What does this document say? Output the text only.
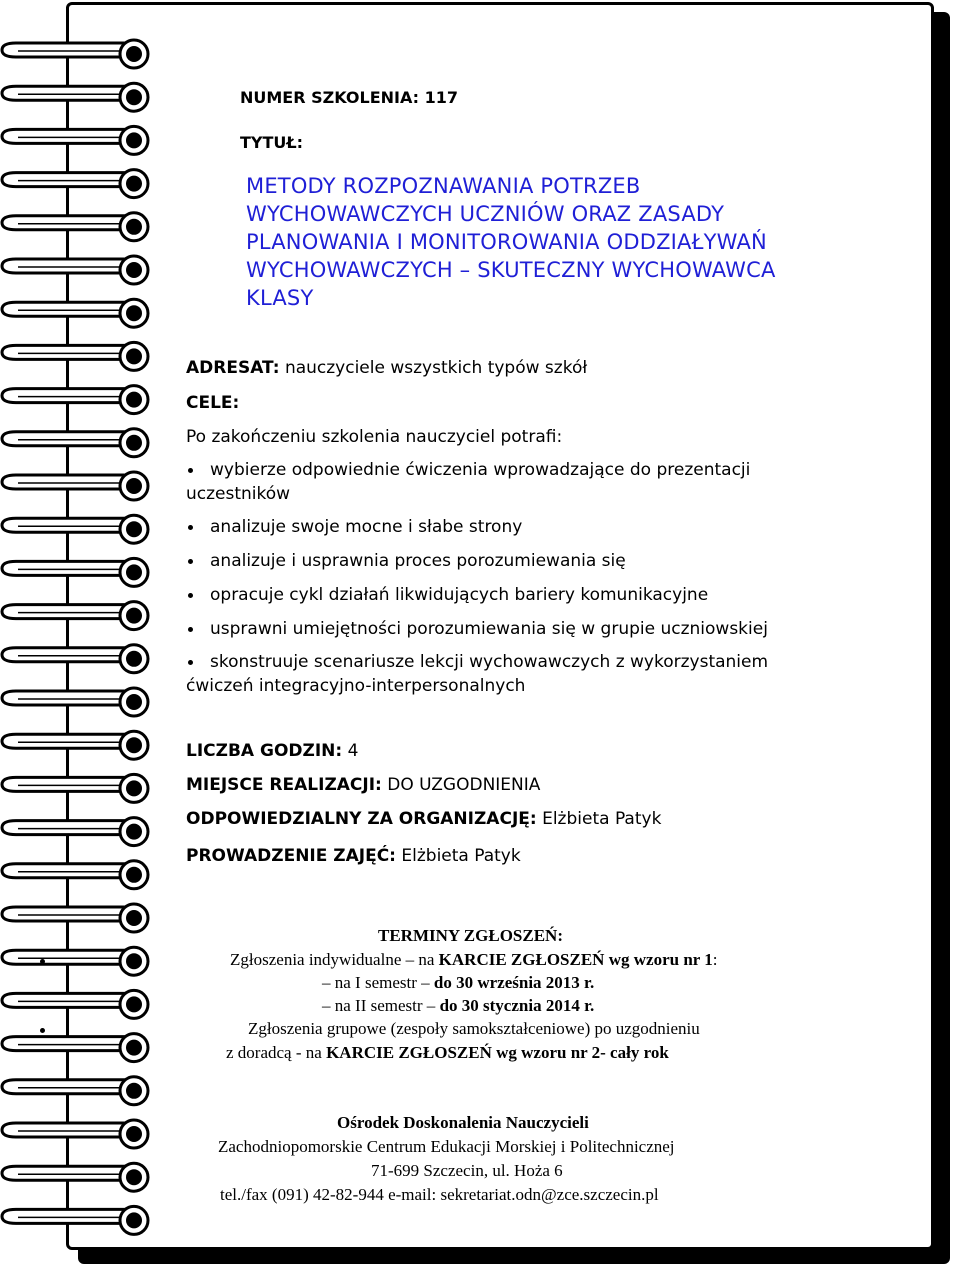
NUMER SZKOLENIA: 117
TYTUŁ:
METODY ROZPOZNAWANIA POTRZEB
WYCHOWAWCZYCH UCZNIÓW ORAZ ZASADY
PLANOWANIA I MONITOROWANIA ODDZIAŁYWAŃ
WYCHOWAWCZYCH – SKUTECZNY WYCHOWAWCA
KLASY
ADRESAT: nauczyciele wszystkich typów szkół
CELE:
Po zakończeniu szkolenia nauczyciel potrafi:
wybierze odpowiednie ćwiczenia wprowadzające do prezentacji
uczestników
analizuje swoje mocne i słabe strony
analizuje i usprawnia proces porozumiewania się
opracuje cykl działań likwidujących bariery komunikacyjne
usprawni umiejętności porozumiewania się w grupie uczniowskiej
skonstruuje scenariusze lekcji wychowawczych z wykorzystaniem
ćwiczeń integracyjno-interpersonalnych
LICZBA GODZIN: 4
MIEJSCE REALIZACJI: DO UZGODNIENIA
ODPOWIEDZIALNY ZA ORGANIZACJĘ: Elżbieta Patyk
PROWADZENIE ZAJĘĆ: Elżbieta Patyk
TERMINY ZGŁOSZEŃ:
Zgłoszenia indywidualne – na KARCIE ZGŁOSZEŃ wg wzoru nr 1:
– na I semestr – do 30 września 2013 r.
– na II semestr – do 30 stycznia 2014 r.
Zgłoszenia grupowe (zespoły samokształceniowe) po uzgodnieniu
z doradcą - na KARCIE ZGŁOSZEŃ wg wzoru nr 2- cały rok
Ośrodek Doskonalenia Nauczycieli
Zachodniopomorskie Centrum Edukacji Morskiej i Politechnicznej
71-699 Szczecin, ul. Hoża 6
tel./fax (091) 42-82-944 e-mail: sekretariat.odn@zce.szczecin.pl
